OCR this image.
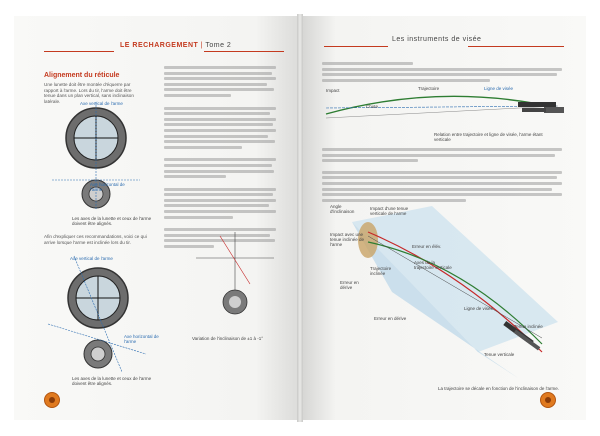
LE RECHARGEMENT | Tome 2
Alignement du réticule
Une lunette doit être montée d'équerre par rapport à l'arme. Lors du tir, l'arme doit être tenue dans un plan vertical, sans inclinaison latérale.	Axe vertical de l'arme
Axe horizontal de l'arme
Les axes de la lunette et ceux de l'arme doivent être alignés.
Afin d'expliquer ces recommandations, voici ce qui arrive lorsque l'arme est inclinée lors du tir.
Axe vertical de l'arme
Axe horizontal de l'arme
Les axes de la lunette et ceux de l'arme doivent être alignés.
Variation de l'inclinaison de ±1 à -1°
Les instruments de visée
Impact
Chute
Trajectoire	Ligne de visée
Relation entre trajectoire et ligne de visée, l'arme étant verticale
Angle d'inclinaison
Impact d'une tenue verticale de l'arme
Impact avec une tenue inclinée de l'arme	Erreur en élév.
Axes de la trajectoire verticale
Trajectoire inclinée
Erreur en dérive
Erreur en dérive
Ligne de visée
Tenue inclinée
Tenue verticale
La trajectoire se décale en fonction de l'inclinaison de l'arme.
